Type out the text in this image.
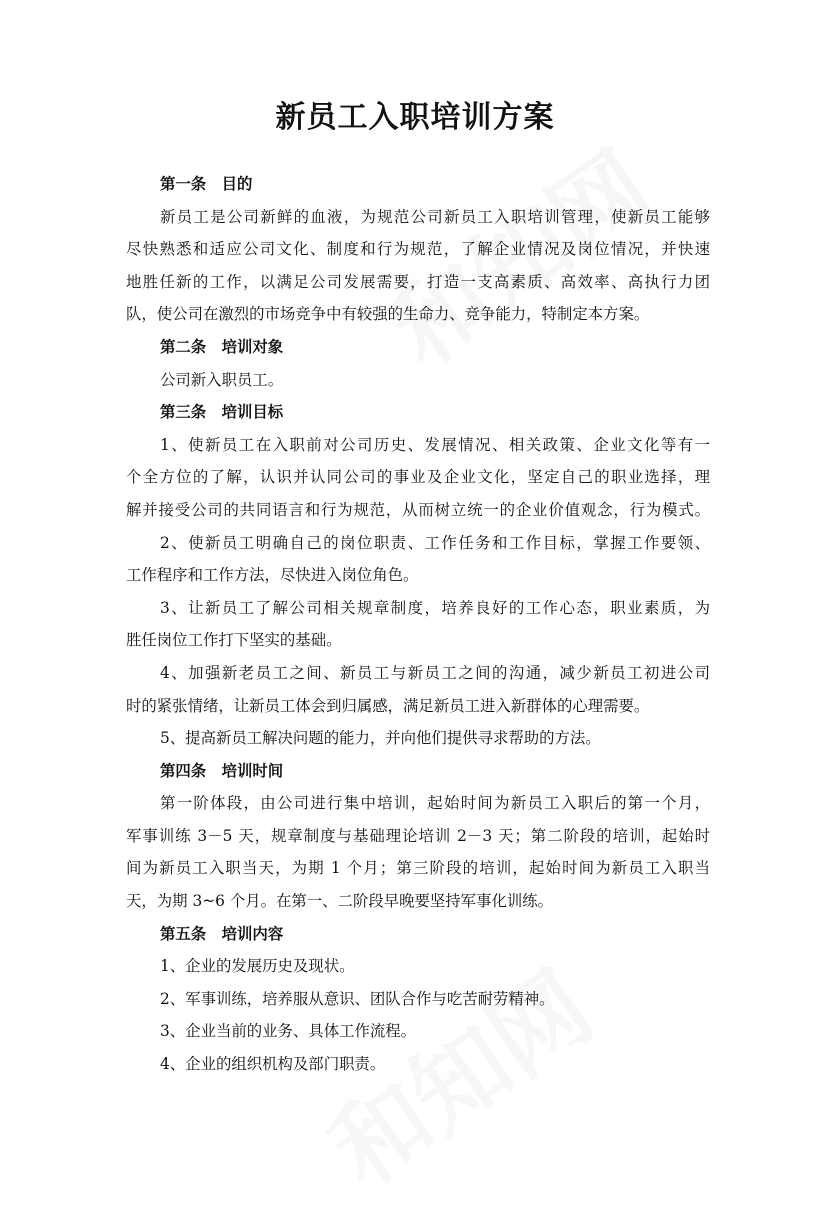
新员工入职培训方案

第一条　目的

新员工是公司新鲜的血液，为规范公司新员工入职培训管理，使新员工能够

尽快熟悉和适应公司文化、制度和行为规范，了解企业情况及岗位情况，并快速

地胜任新的工作，以满足公司发展需要，打造一支高素质、高效率、高执行力团

队，使公司在激烈的市场竞争中有较强的生命力、竞争能力，特制定本方案。

第二条　培训对象

公司新入职员工。

第三条　培训目标

1、使新员工在入职前对公司历史、发展情况、相关政策、企业文化等有一

个全方位的了解，认识并认同公司的事业及企业文化，坚定自己的职业选择，理

解并接受公司的共同语言和行为规范，从而树立统一的企业价值观念，行为模式。

2、使新员工明确自己的岗位职责、工作任务和工作目标，掌握工作要领、

工作程序和工作方法，尽快进入岗位角色。

3、让新员工了解公司相关规章制度，培养良好的工作心态，职业素质，为

胜任岗位工作打下坚实的基础。

4、加强新老员工之间、新员工与新员工之间的沟通，减少新员工初进公司

时的紧张情绪，让新员工体会到归属感，满足新员工进入新群体的心理需要。

5、提高新员工解决问题的能力，并向他们提供寻求帮助的方法。

第四条　培训时间

第一阶体段，由公司进行集中培训，起始时间为新员工入职后的第一个月，

军事训练 3－5 天，规章制度与基础理论培训 2－3 天；第二阶段的培训，起始时

间为新员工入职当天，为期 1 个月；第三阶段的培训，起始时间为新员工入职当

天，为期 3~6 个月。在第一、二阶段早晚要坚持军事化训练。

第五条　培训内容

1、企业的发展历史及现状。

2、军事训练，培养服从意识、团队合作与吃苦耐劳精神。

3、企业当前的业务、具体工作流程。

4、企业的组织机构及部门职责。
